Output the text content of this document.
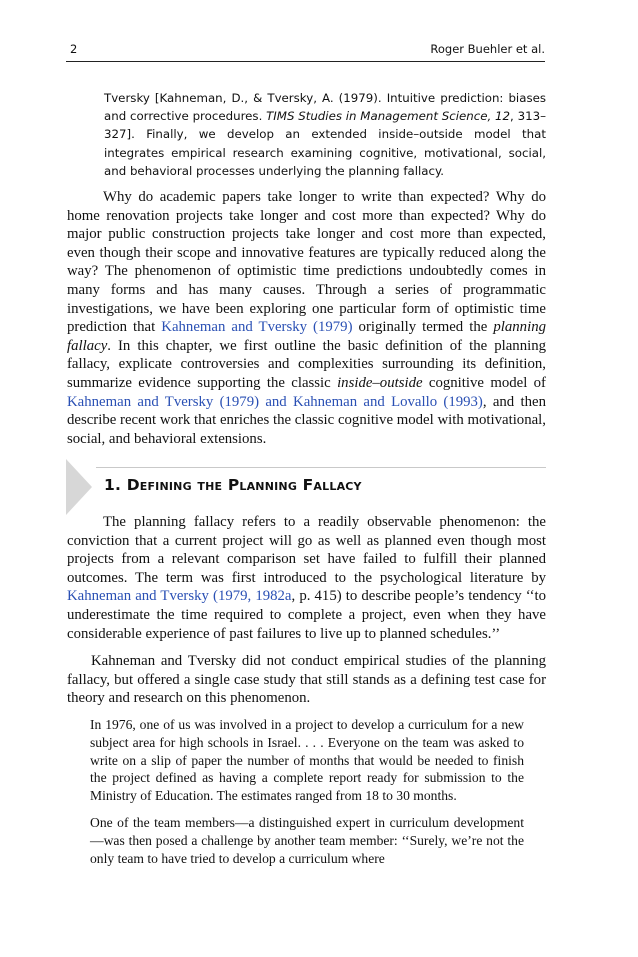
2	Roger Buehler et al.

Tversky [Kahneman, D., & Tversky, A. (1979). Intuitive prediction: biases and corrective procedures. TIMS Studies in Management Science, 12, 313–327]. Finally, we develop an extended inside–outside model that integrates empirical research examining cognitive, motivational, social, and behavioral processes underlying the planning fallacy.

Why do academic papers take longer to write than expected? Why do home renovation projects take longer and cost more than expected? Why do major public construction projects take longer and cost more than expected, even though their scope and innovative features are typically reduced along the way? The phenomenon of optimistic time predictions undoubtedly comes in many forms and has many causes. Through a series of programmatic investigations, we have been exploring one particular form of optimistic time prediction that Kahneman and Tversky (1979) originally termed the planning fallacy. In this chapter, we first outline the basic definition of the planning fallacy, explicate controversies and complexities surrounding its definition, summarize evidence supporting the classic inside–outside cognitive model of Kahneman and Tversky (1979) and Kahneman and Lovallo (1993), and then describe recent work that enriches the classic cognitive model with motivational, social, and behavioral extensions.

1. Defining the Planning Fallacy

The planning fallacy refers to a readily observable phenomenon: the conviction that a current project will go as well as planned even though most projects from a relevant comparison set have failed to fulfill their planned outcomes. The term was first introduced to the psychological literature by Kahneman and Tversky (1979, 1982a, p. 415) to describe people’s tendency ‘‘to underestimate the time required to complete a project, even when they have considerable experience of past failures to live up to planned schedules.’’

Kahneman and Tversky did not conduct empirical studies of the planning fallacy, but offered a single case study that still stands as a defining test case for theory and research on this phenomenon.

In 1976, one of us was involved in a project to develop a curriculum for a new subject area for high schools in Israel. . . . Everyone on the team was asked to write on a slip of paper the number of months that would be needed to finish the project defined as having a complete report ready for submission to the Ministry of Education. The estimates ranged from 18 to 30 months.

One of the team members—a distinguished expert in curriculum development—was then posed a challenge by another team member: ‘‘Surely, we’re not the only team to have tried to develop a curriculum where
